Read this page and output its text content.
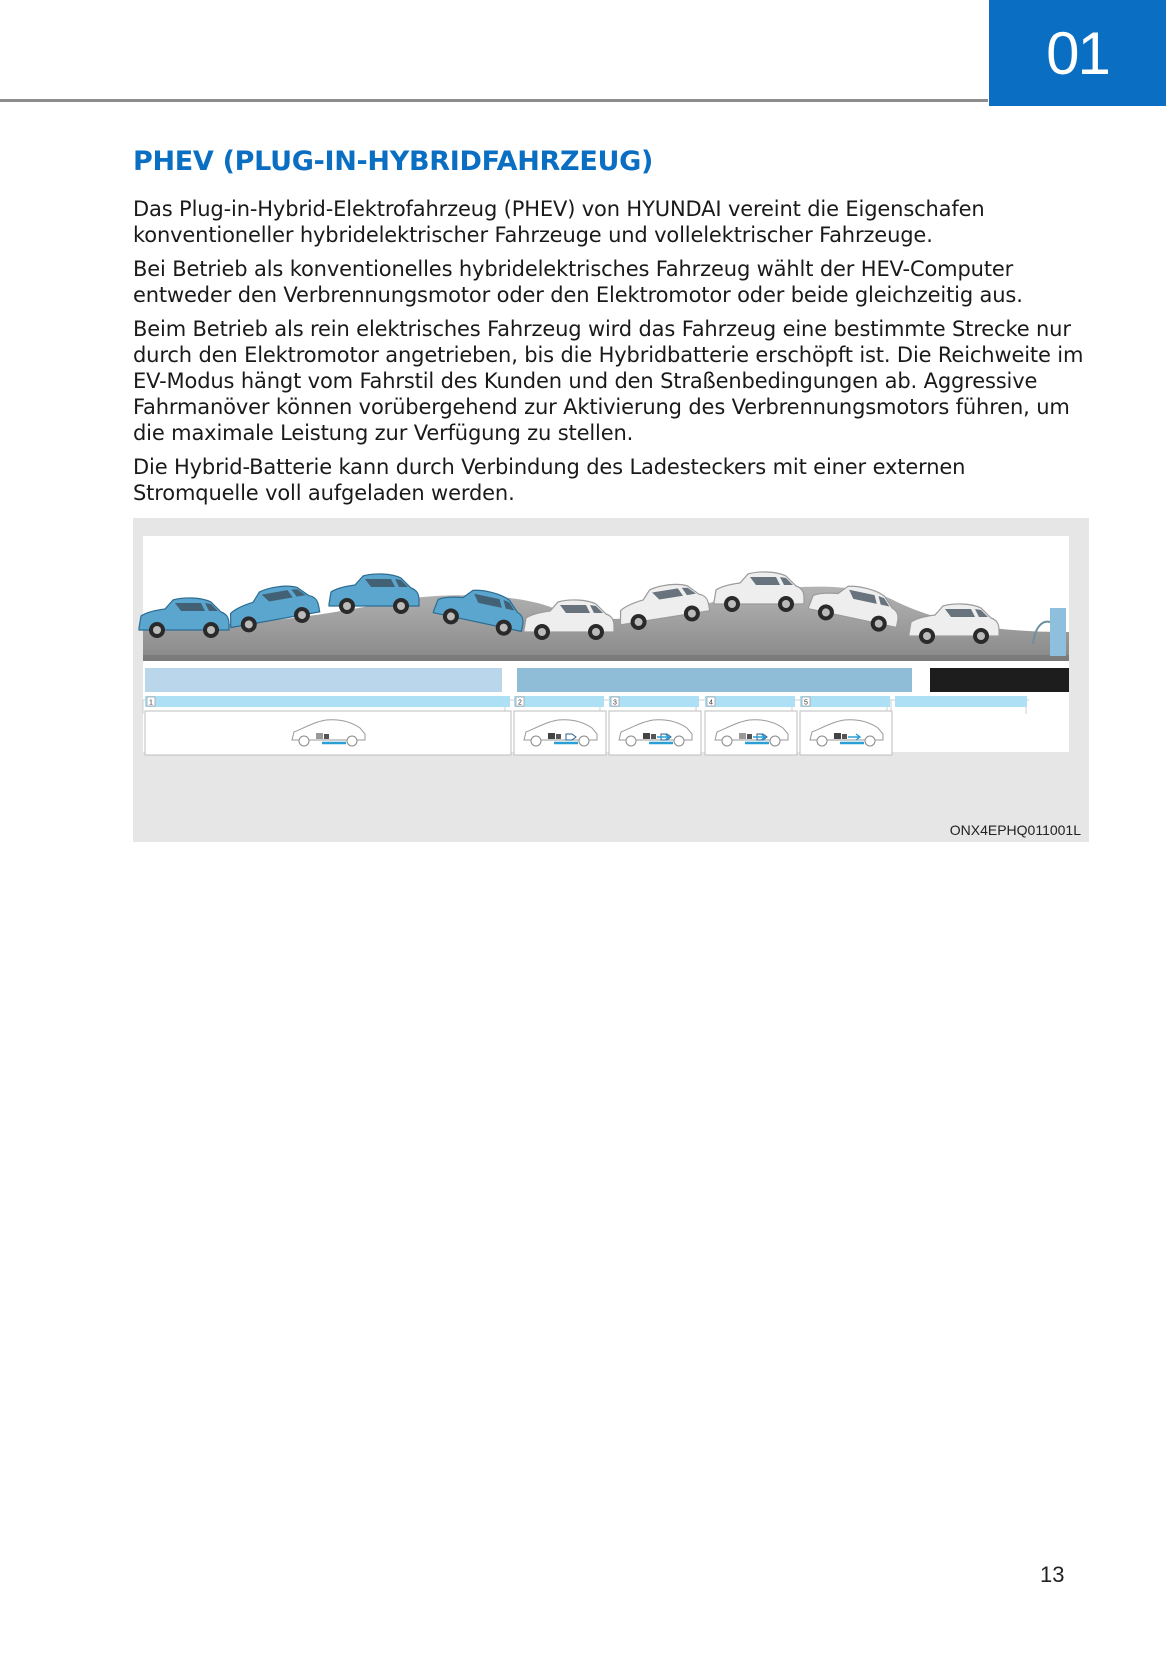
01
PHEV (PLUG-IN-HYBRIDFAHRZEUG)

Das Plug-in-Hybrid-Elektrofahrzeug (PHEV) von HYUNDAI vereint die Eigenschafen konventioneller hybridelektrischer Fahrzeuge und vollelektrischer Fahrzeuge.

Bei Betrieb als konventionelles hybridelektrisches Fahrzeug wählt der HEV-Computer entweder den Verbrennungsmotor oder den Elektromotor oder beide gleichzeitig aus.

Beim Betrieb als rein elektrisches Fahrzeug wird das Fahrzeug eine bestimmte Strecke nur durch den Elektromotor angetrieben, bis die Hybridbatterie erschöpft ist. Die Reichweite im EV-Modus hängt vom Fahrstil des Kunden und den Straßenbedingungen ab. Aggressive Fahrmanöver können vorübergehend zur Aktivierung des Verbrennungsmotors führen, um die maximale Leistung zur Verfügung zu stellen.

Die Hybrid-Batterie kann durch Verbindung des Ladesteckers mit einer externen Stromquelle voll aufgeladen werden.

1	2	3	4	5
ONX4EPHQ011001L
13
